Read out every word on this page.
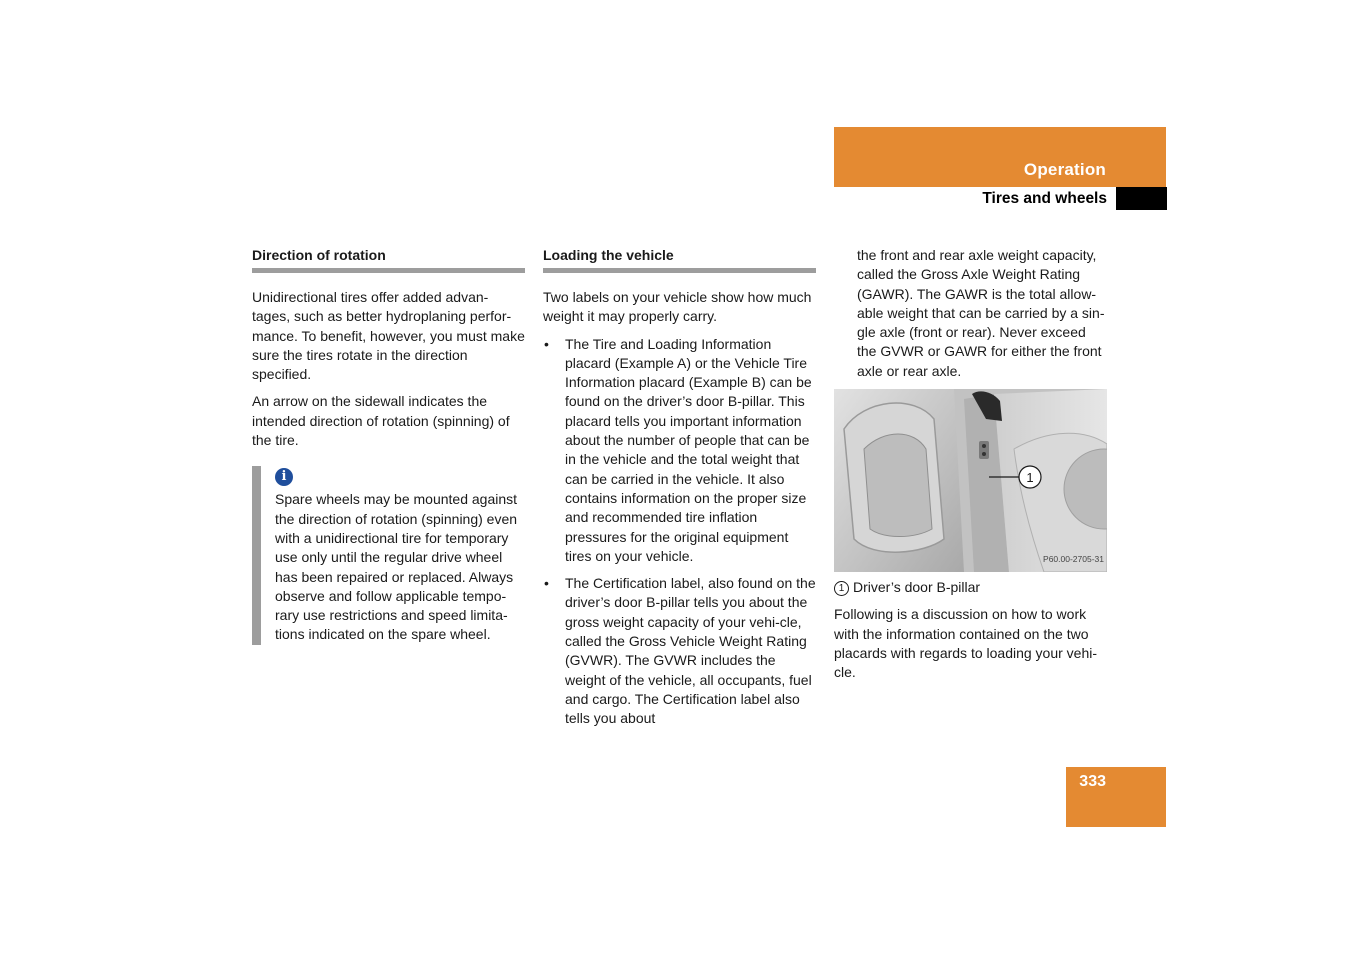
Operation
Tires and wheels
Direction of rotation

Unidirectional tires offer added advan-tages, such as better hydroplaning perfor-mance. To benefit, however, you must make sure the tires rotate in the direction specified.

An arrow on the sidewall indicates the intended direction of rotation (spinning) of the tire.

i

Spare wheels may be mounted against the direction of rotation (spinning) even with a unidirectional tire for temporary use only until the regular drive wheel has been repaired or replaced. Always observe and follow applicable tempo-rary use restrictions and speed limita-tions indicated on the spare wheel.

Loading the vehicle

Two labels on your vehicle show how much weight it may properly carry.

• The Tire and Loading Information placard (Example A) or the Vehicle Tire Information placard (Example B) can be found on the driver’s door B-pillar. This placard tells you important information about the number of people that can be in the vehicle and the total weight that can be carried in the vehicle. It also contains information on the proper size and recommended tire inflation pressures for the original equipment tires on your vehicle.
• The Certification label, also found on the driver’s door B-pillar tells you about the gross weight capacity of your vehi-cle, called the Gross Vehicle Weight Rating (GVWR). The GVWR includes the weight of the vehicle, all occupants, fuel and cargo. The Certification label also tells you about

the front and rear axle weight capacity, called the Gross Axle Weight Rating (GAWR). The GAWR is the total allow-able weight that can be carried by a sin-gle axle (front or rear). Never exceed the GVWR or GAWR for either the front axle or rear axle.

1
P60.00-2705-31

1 Driver’s door B-pillar

Following is a discussion on how to work with the information contained on the two placards with regards to loading your vehi-cle.

333
